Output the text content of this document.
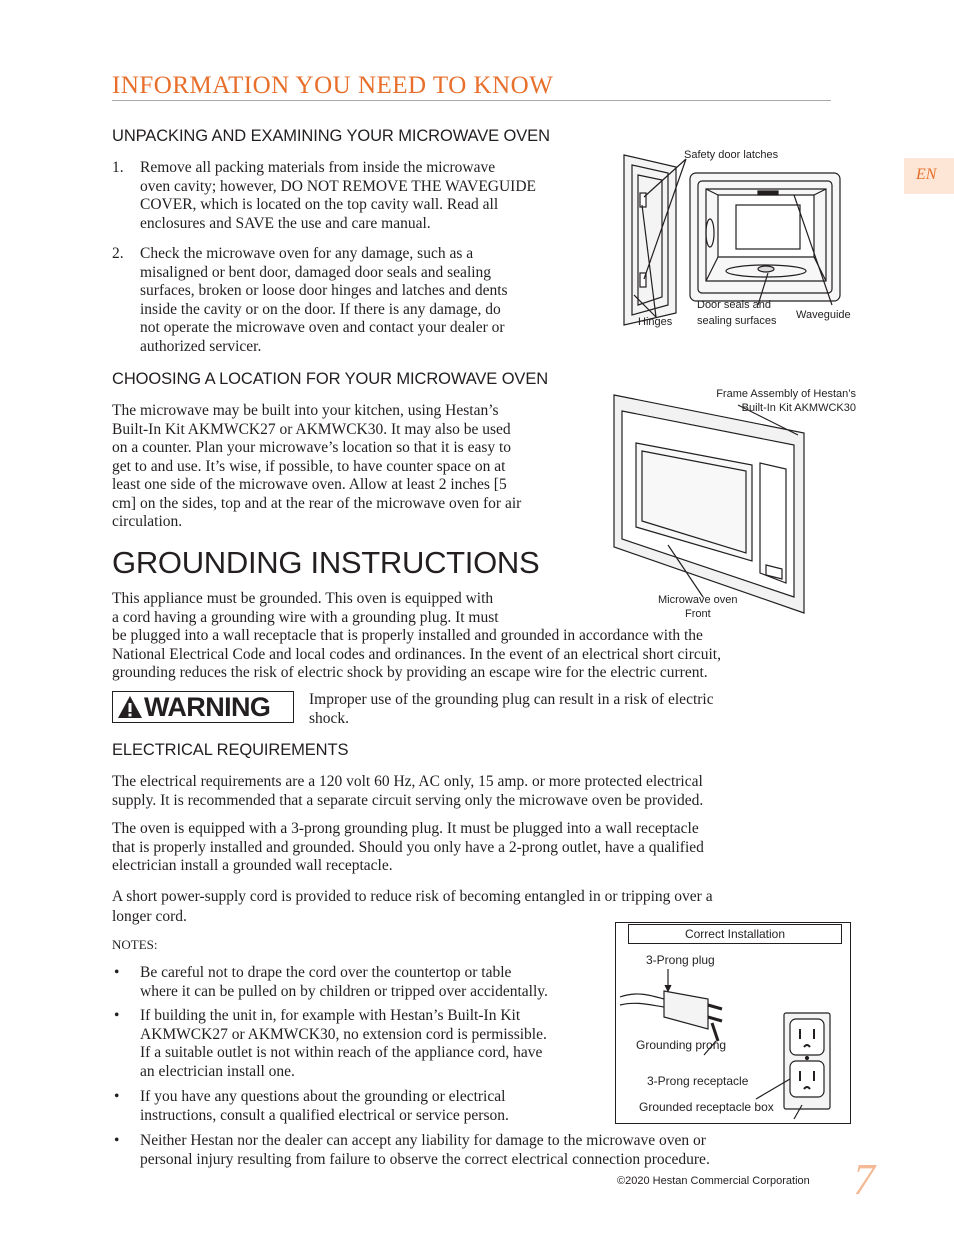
INFORMATION YOU NEED TO KNOW
EN
UNPACKING AND EXAMINING YOUR MICROWAVE OVEN
1. Remove all packing materials from inside the microwave
oven cavity; however, DO NOT REMOVE THE WAVEGUIDE
COVER, which is located on the top cavity wall. Read all
enclosures and SAVE the use and care manual.
2. Check the microwave oven for any damage, such as a
misaligned or bent door, damaged door seals and sealing
surfaces, broken or loose door hinges and latches and dents
inside the cavity or on the door. If there is any damage, do
not operate the microwave oven and contact your dealer or
authorized servicer.
Safety door latches
Hinges
Door seals and
sealing surfaces Waveguide
CHOOSING A LOCATION FOR YOUR MICROWAVE OVEN
The microwave may be built into your kitchen, using Hestan’s
Built-In Kit AKMWCK27 or AKMWCK30. It may also be used
on a counter. Plan your microwave’s location so that it is easy to
get to and use. It’s wise, if possible, to have counter space on at
least one side of the microwave oven. Allow at least 2 inches [5
cm] on the sides, top and at the rear of the microwave oven for air
circulation.
Frame Assembly of Hestan’s
Built-In Kit AKMWCK30
Microwave oven
Front
GROUNDING INSTRUCTIONS
This appliance must be grounded. This oven is equipped with
a cord having a grounding wire with a grounding plug. It must
be plugged into a wall receptacle that is properly installed and grounded in accordance with the
National Electrical Code and local codes and ordinances. In the event of an electrical short circuit,
grounding reduces the risk of electric shock by providing an escape wire for the electric current.
WARNING Improper use of the grounding plug can result in a risk of electric
shock.
ELECTRICAL REQUIREMENTS
The electrical requirements are a 120 volt 60 Hz, AC only, 15 amp. or more protected electrical
supply. It is recommended that a separate circuit serving only the microwave oven be provided.
The oven is equipped with a 3-prong grounding plug. It must be plugged into a wall receptacle
that is properly installed and grounded. Should you only have a 2-prong outlet, have a qualified
electrician install a grounded wall receptacle.
A short power-supply cord is provided to reduce risk of becoming entangled in or tripping over a
longer cord.
NOTES:
• Be careful not to drape the cord over the countertop or table
where it can be pulled on by children or tripped over accidentally.
• If building the unit in, for example with Hestan’s Built-In Kit
AKMWCK27 or AKMWCK30, no extension cord is permissible.
If a suitable outlet is not within reach of the appliance cord, have
an electrician install one.
• If you have any questions about the grounding or electrical
instructions, consult a qualified electrical or service person.
• Neither Hestan nor the dealer can accept any liability for damage to the microwave oven or
personal injury resulting from failure to observe the correct electrical connection procedure.
Correct Installation
3-Prong plug
Grounding prong
3-Prong receptacle
Grounded receptacle box
©2020 Hestan Commercial Corporation 7
